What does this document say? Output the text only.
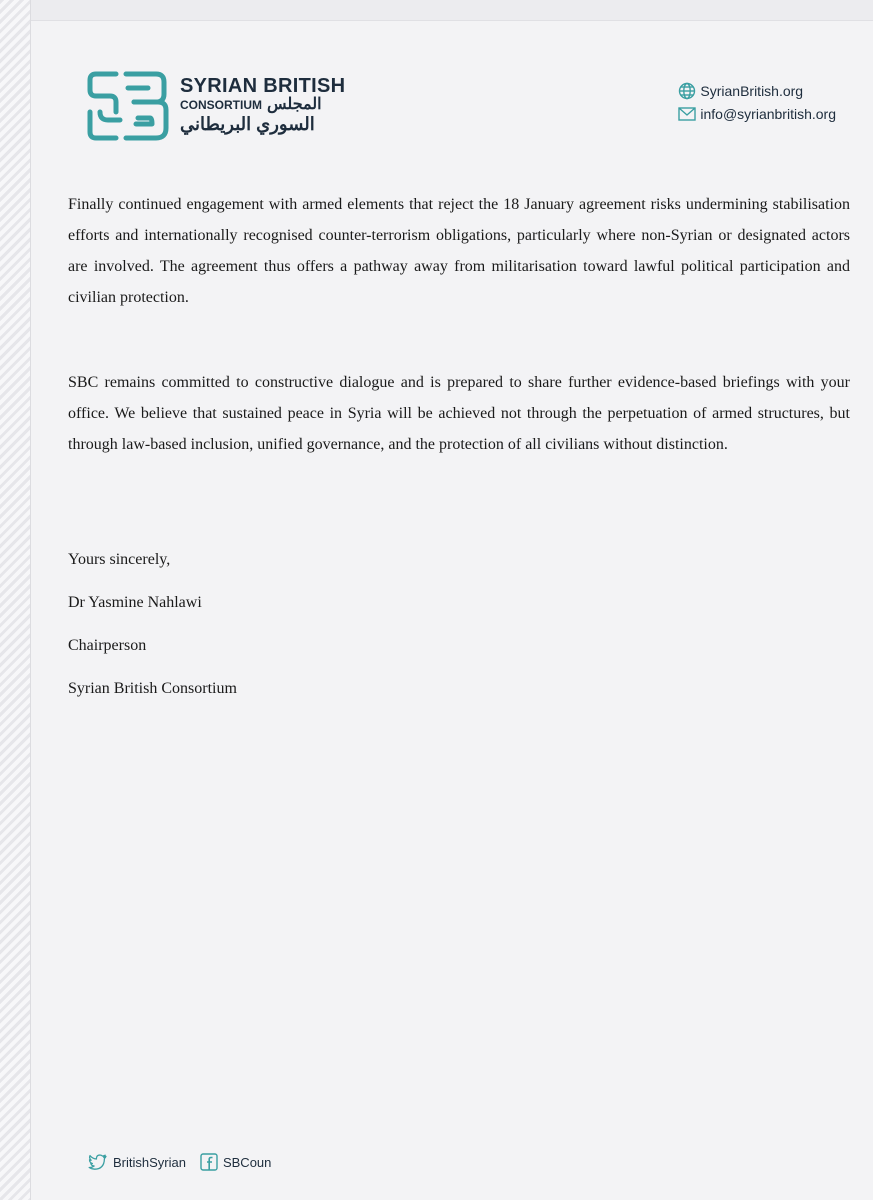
SYRIAN BRITISH
CONSORTIUM المجلس
السوري البريطاني
SyrianBritish.org
info@syrianbritish.org

Finally continued engagement with armed elements that reject the 18 January agreement risks undermining stabilisation efforts and internationally recognised counter-terrorism obligations, particularly where non-Syrian or designated actors are involved. The agreement thus offers a pathway away from militarisation toward lawful political participation and civilian protection.

SBC remains committed to constructive dialogue and is prepared to share further evidence-based briefings with your office. We believe that sustained peace in Syria will be achieved not through the perpetuation of armed structures, but through law-based inclusion, unified governance, and the protection of all civilians without distinction.

Yours sincerely,

Dr Yasmine Nahlawi

Chairperson

Syrian British Consortium

BritishSyrian	SBCoun
